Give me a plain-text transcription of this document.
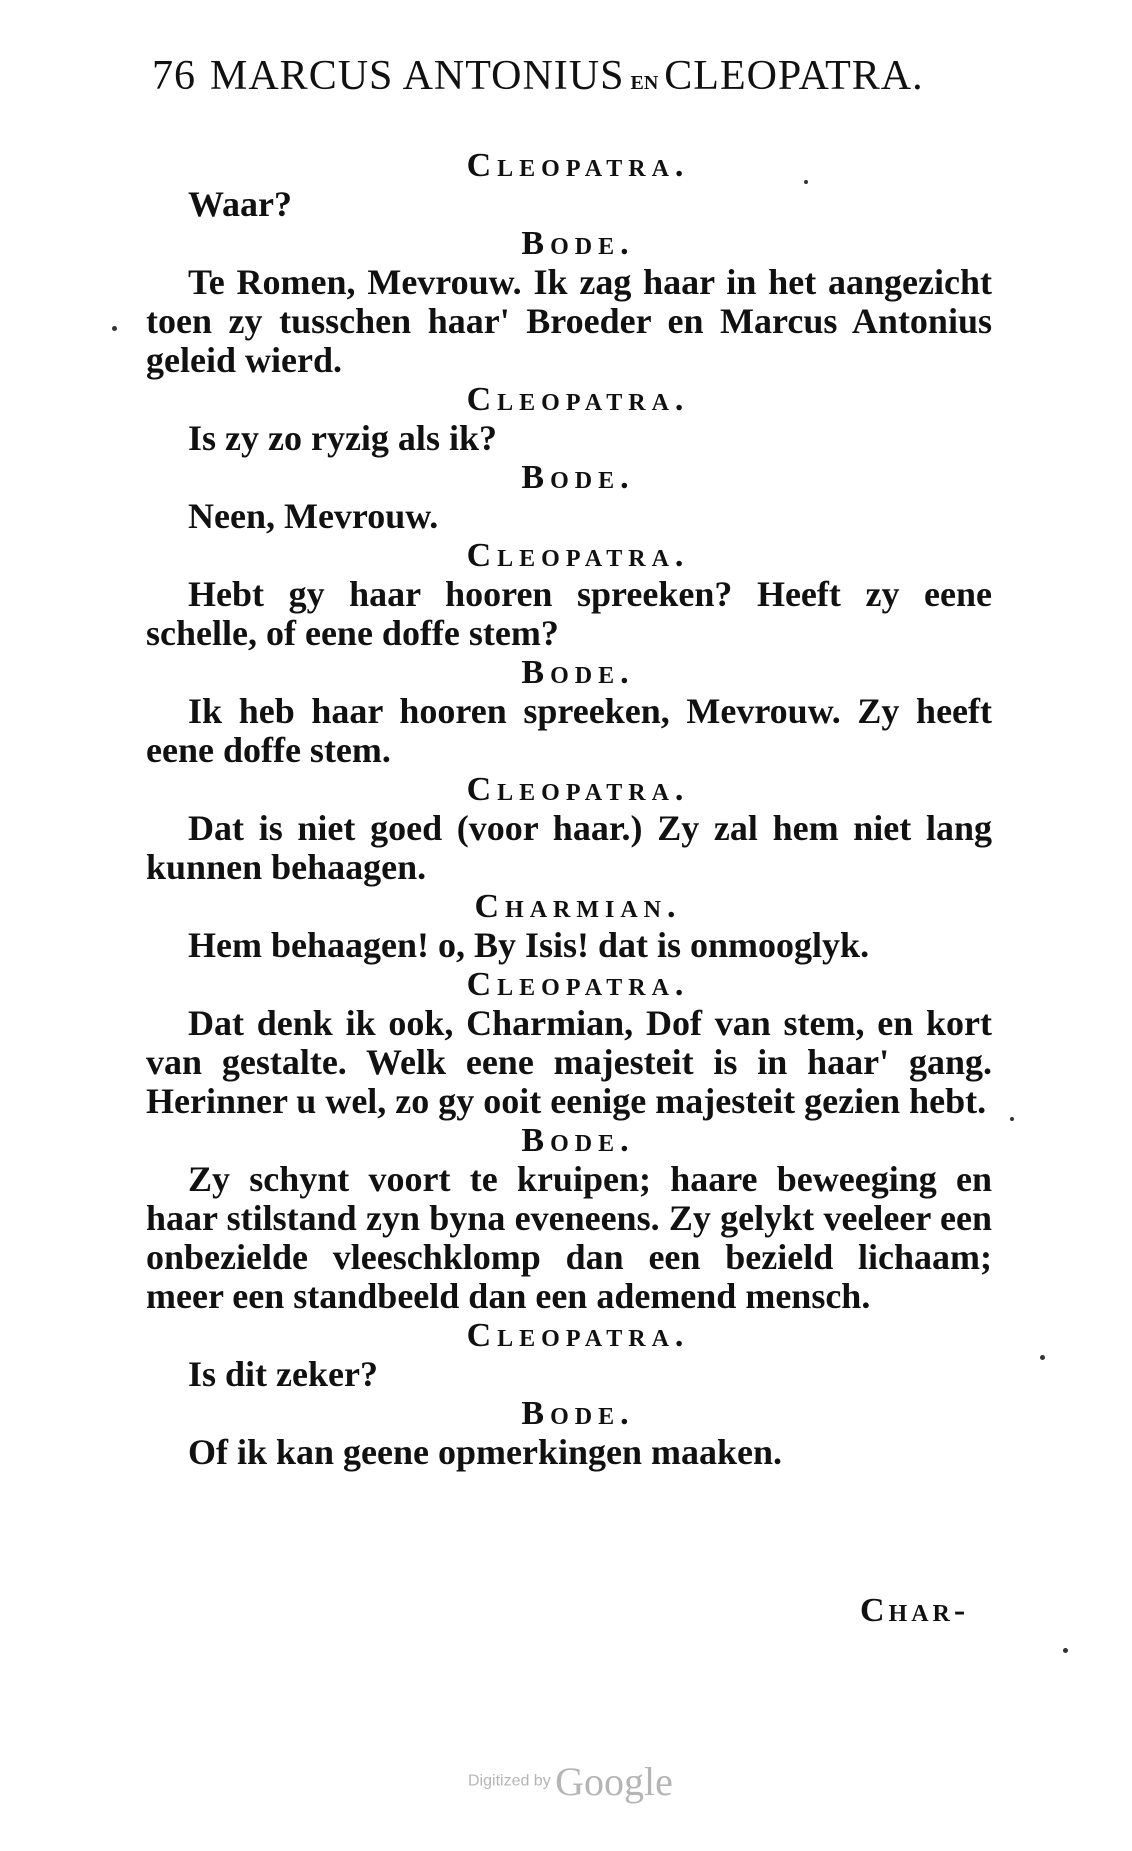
76 MARCUS ANTONIUS EN CLEOPATRA.

Cleopatra.

Waar?

Bode.

Te Romen, Mevrouw. Ik zag haar in het aangezicht toen zy tusschen haar' Broeder en Marcus Antonius geleid wierd.

Cleopatra.

Is zy zo ryzig als ik?

Bode.

Neen, Mevrouw.

Cleopatra.

Hebt gy haar hooren spreeken? Heeft zy eene schelle, of eene doffe stem?

Bode.

Ik heb haar hooren spreeken, Mevrouw. Zy heeft eene doffe stem.

Cleopatra.

Dat is niet goed (voor haar.) Zy zal hem niet lang kunnen behaagen.

Charmian.

Hem behaagen! o, By Isis! dat is onmooglyk.

Cleopatra.

Dat denk ik ook, Charmian, Dof van stem, en kort van gestalte. Welk eene majesteit is in haar' gang. Herinner u wel, zo gy ooit eenige majesteit gezien hebt.

Bode.

Zy schynt voort te kruipen; haare beweeging en haar stilstand zyn byna eveneens. Zy gelykt veeleer een onbezielde vleeschklomp dan een bezield lichaam; meer een standbeeld dan een ademend mensch.

Cleopatra.

Is dit zeker?

Bode.

Of ik kan geene opmerkingen maaken.

Char-
Digitized by Google
